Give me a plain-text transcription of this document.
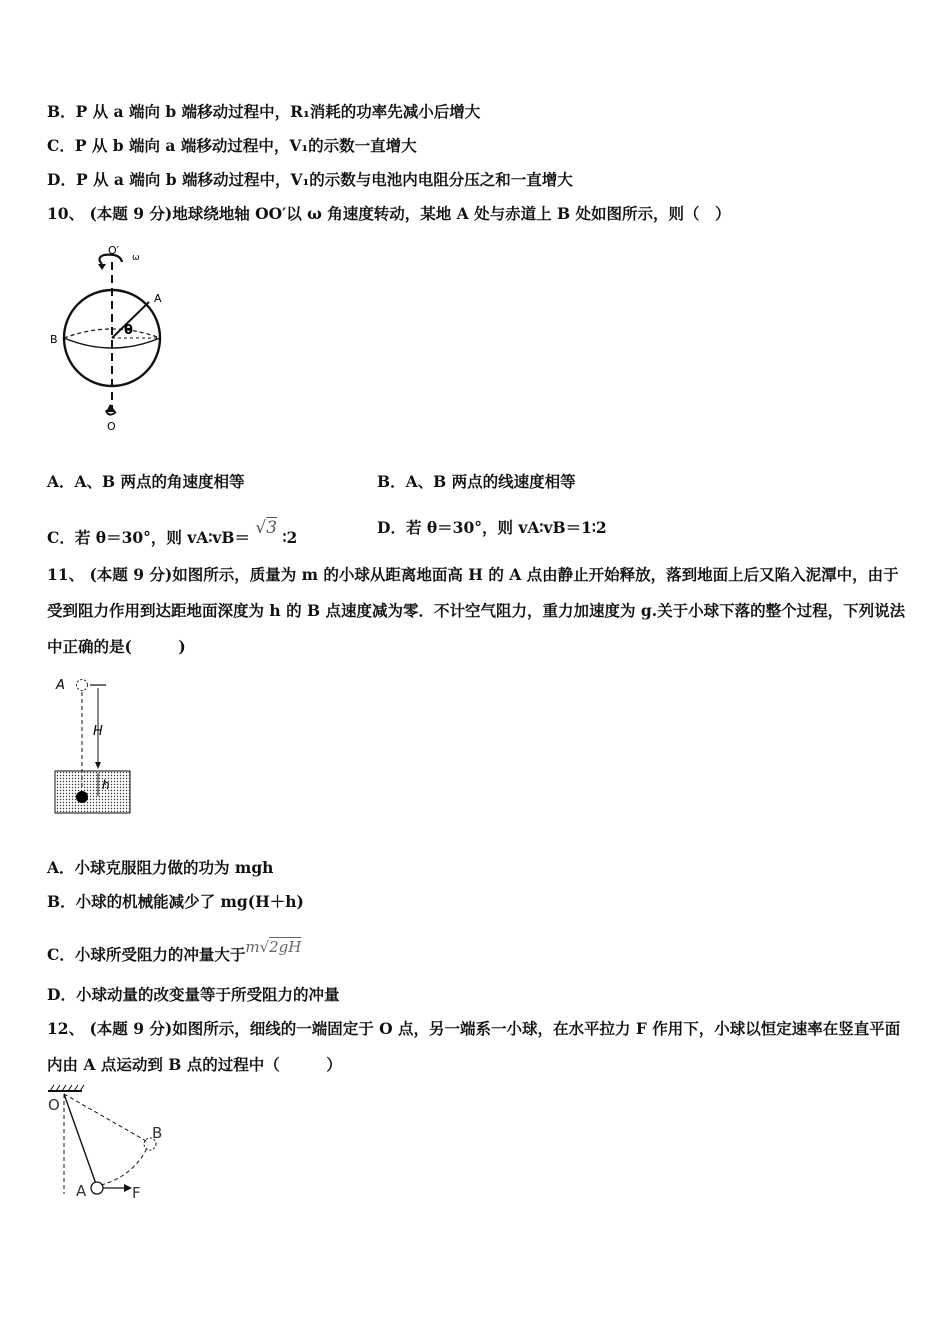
B．P 从 a 端向 b 端移动过程中，R₁消耗的功率先减小后增大
C．P 从 b 端向 a 端移动过程中，V₁的示数一直增大
D．P 从 a 端向 b 端移动过程中，V₁的示数与电池内电阻分压之和一直增大
10、 (本题 9 分)地球绕地轴 OO′以 ω 角速度转动，某地 A 处与赤道上 B 处如图所示，则（　）
O′
ω
A
B
θ
O
A．A、B 两点的角速度相等	B．A、B 两点的线速度相等
C．若 θ＝30°，则 vA∶vB＝ √3 ∶2
D．若 θ＝30°，则 vA∶vB＝1∶2
11、 (本题 9 分)如图所示，质量为 m 的小球从距离地面高 H 的 A 点由静止开始释放，落到地面上后又陷入泥潭中，由于受到阻力作用到达距地面深度为 h 的 B 点速度减为零．不计空气阻力，重力加速度为 g.关于小球下落的整个过程，下列说法中正确的是(　　　)
A
H
h
A．小球克服阻力做的功为 mgh
B．小球的机械能减少了 mg(H＋h)
C．小球所受阻力的冲量大于m√2gH
D．小球动量的改变量等于所受阻力的冲量
12、 (本题 9 分)如图所示，细线的一端固定于 O 点，另一端系一小球，在水平拉力 F 作用下，小球以恒定速率在竖直平面内由 A 点运动到 B 点的过程中（　　　）
O
A
B
F
